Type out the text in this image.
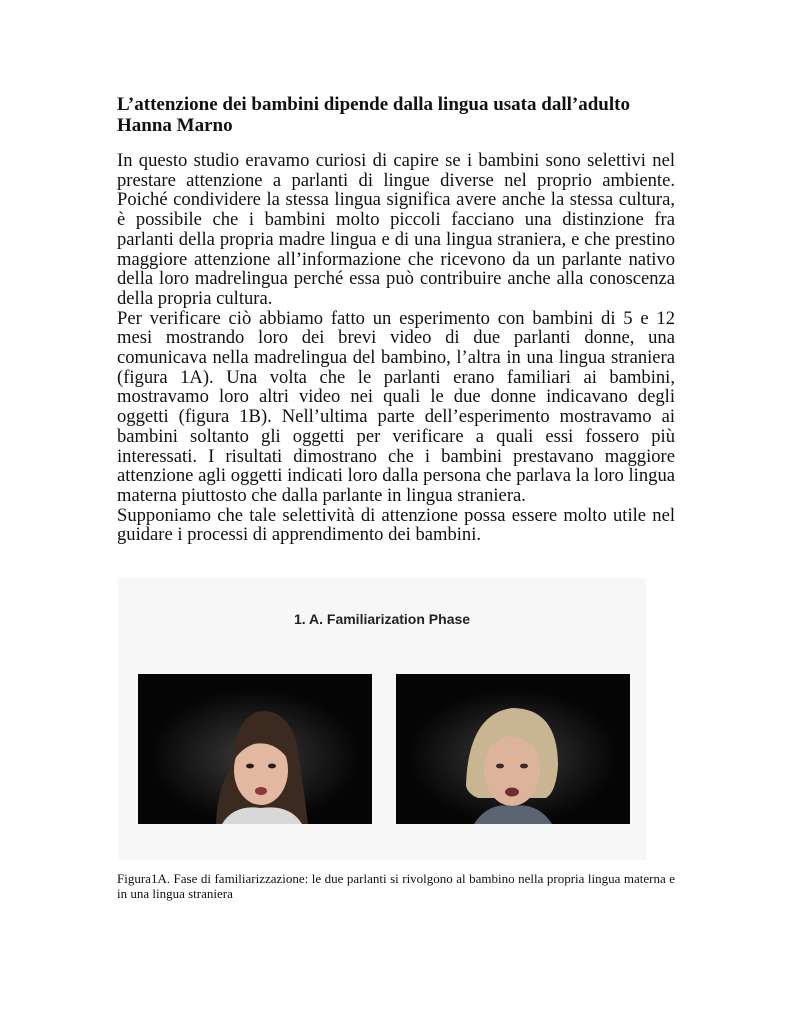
L’attenzione dei bambini dipende dalla lingua usata dall’adulto
Hanna Marno

In questo studio eravamo curiosi di capire se i bambini sono selettivi nel prestare attenzione a parlanti di lingue diverse nel proprio ambiente. Poiché condividere la stessa lingua significa avere anche la stessa cultura, è possibile che i bambini molto piccoli facciano una distinzione fra parlanti della propria madre lingua e di una lingua straniera, e che prestino maggiore attenzione all’informazione che ricevono da un parlante nativo della loro madrelingua perché essa può contribuire anche alla conoscenza della propria cultura.

Per verificare ciò abbiamo fatto un esperimento con bambini di 5 e 12 mesi mostrando loro dei brevi video di due parlanti donne, una comunicava nella madrelingua del bambino, l’altra in una lingua straniera (figura 1A). Una volta che le parlanti erano familiari ai bambini, mostravamo loro altri video nei quali le due donne indicavano degli oggetti (figura 1B). Nell’ultima parte dell’esperimento mostravamo ai bambini soltanto gli oggetti per verificare a quali essi fossero più interessati. I risultati dimostrano che i bambini prestavano maggiore attenzione agli oggetti indicati loro dalla persona che parlava la loro lingua materna piuttosto che dalla parlante in lingua straniera.

Supponiamo che tale selettività di attenzione possa essere molto utile nel guidare i processi di apprendimento dei bambini.

1. A. Familiarization Phase

Figura1A. Fase di familiarizzazione: le due parlanti si rivolgono al bambino nella propria lingua materna e in una lingua straniera
